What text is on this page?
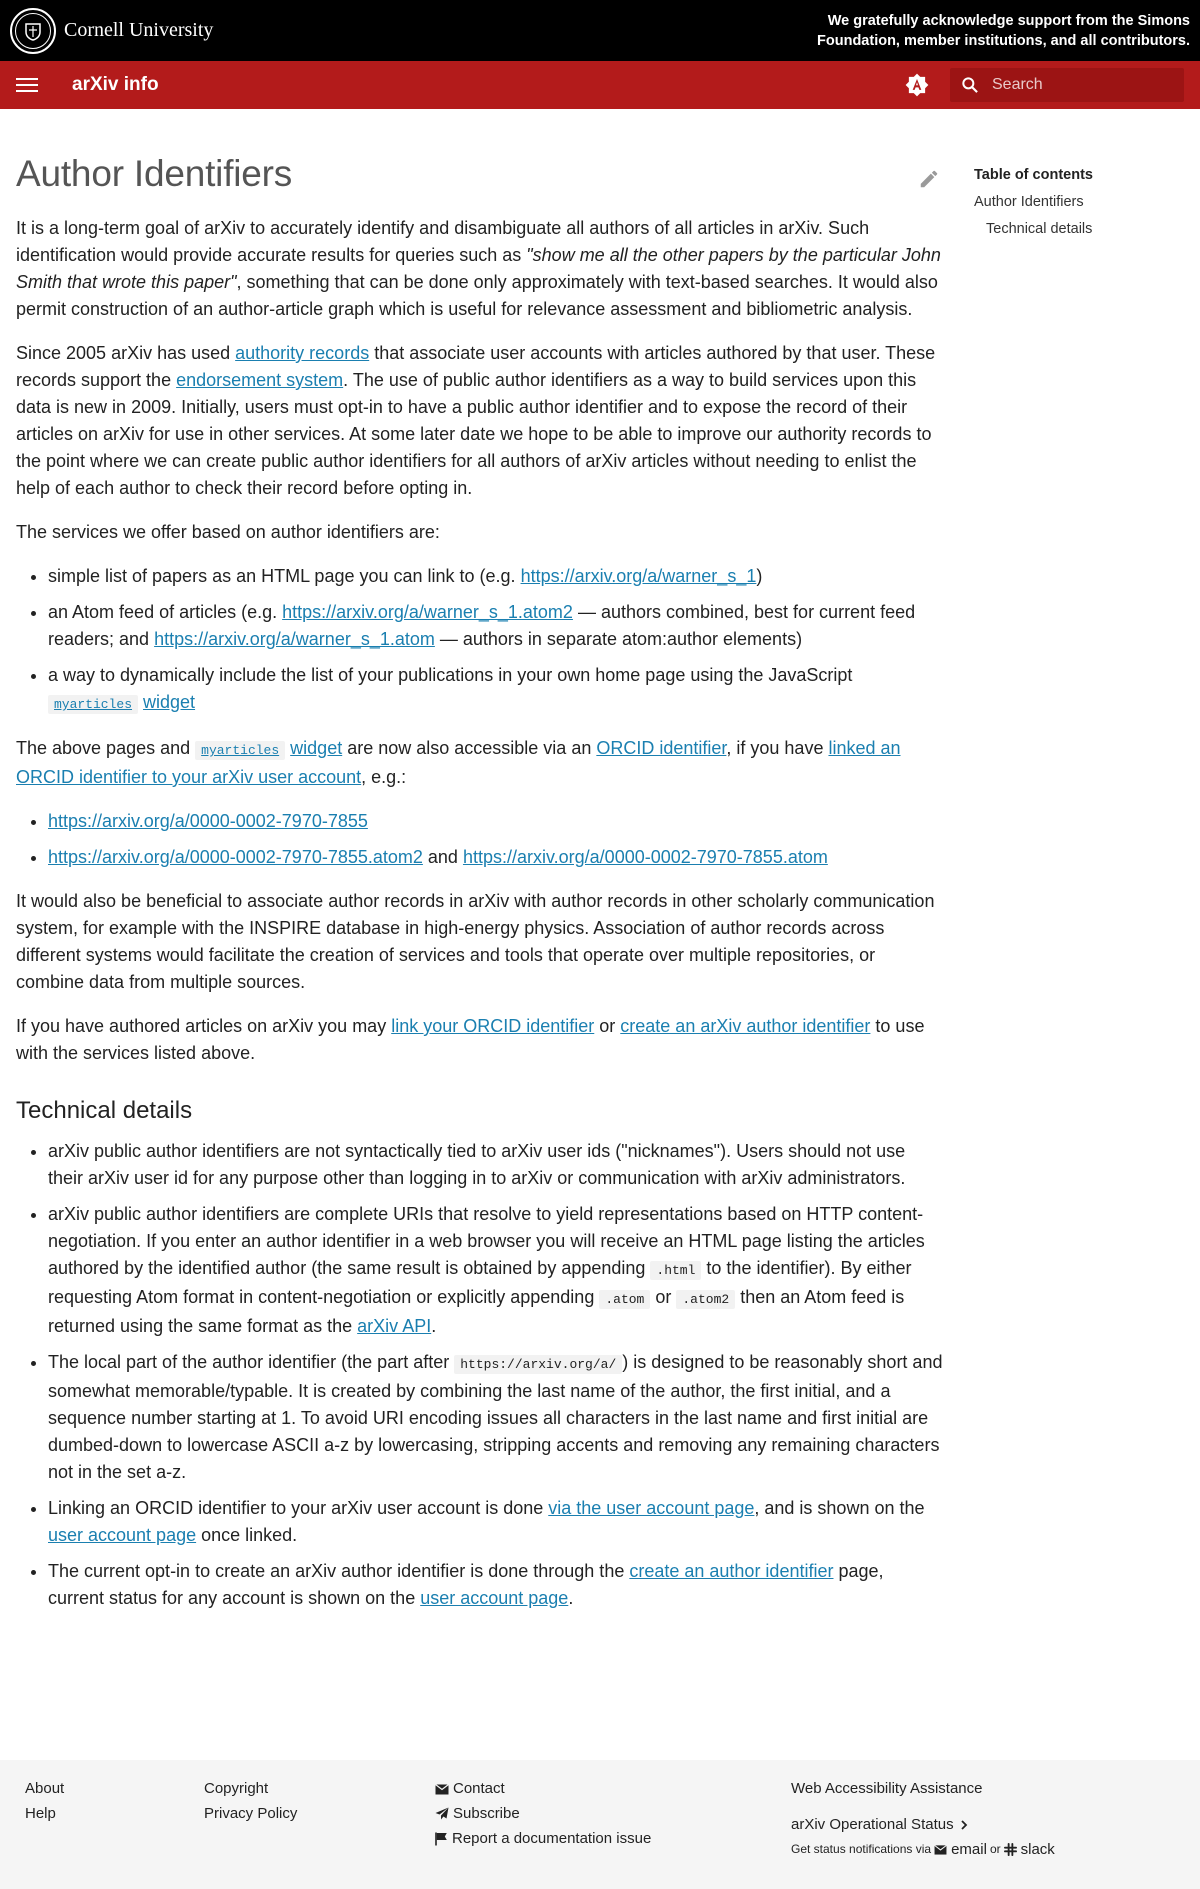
Cornell University	We gratefully acknowledge support from the Simons Foundation, member institutions, and all contributors.
arXiv info
Search
Author Identifiers

It is a long-term goal of arXiv to accurately identify and disambiguate all authors of all articles in arXiv. Such identification would provide accurate results for queries such as "show me all the other papers by the particular John Smith that wrote this paper", something that can be done only approximately with text-based searches. It would also permit construction of an author-article graph which is useful for relevance assessment and bibliometric analysis.

Since 2005 arXiv has used authority records that associate user accounts with articles authored by that user. These records support the endorsement system. The use of public author identifiers as a way to build services upon this data is new in 2009. Initially, users must opt-in to have a public author identifier and to expose the record of their articles on arXiv for use in other services. At some later date we hope to be able to improve our authority records to the point where we can create public author identifiers for all authors of arXiv articles without needing to enlist the help of each author to check their record before opting in.

The services we offer based on author identifiers are:

• simple list of papers as an HTML page you can link to (e.g. https://arxiv.org/a/warner_s_1)
• an Atom feed of articles (e.g. https://arxiv.org/a/warner_s_1.atom2 — authors combined, best for current feed readers; and https://arxiv.org/a/warner_s_1.atom — authors in separate atom:author elements)
• a way to dynamically include the list of your publications in your own home page using the JavaScript myarticles widget

The above pages and myarticles widget are now also accessible via an ORCID identifier, if you have linked an ORCID identifier to your arXiv user account, e.g.:

• https://arxiv.org/a/0000-0002-7970-7855
• https://arxiv.org/a/0000-0002-7970-7855.atom2 and https://arxiv.org/a/0000-0002-7970-7855.atom

It would also be beneficial to associate author records in arXiv with author records in other scholarly communication system, for example with the INSPIRE database in high-energy physics. Association of author records across different systems would facilitate the creation of services and tools that operate over multiple repositories, or combine data from multiple sources.

If you have authored articles on arXiv you may link your ORCID identifier or create an arXiv author identifier to use with the services listed above.

Technical details
• arXiv public author identifiers are not syntactically tied to arXiv user ids ("nicknames"). Users should not use their arXiv user id for any purpose other than logging in to arXiv or communication with arXiv administrators.
• arXiv public author identifiers are complete URIs that resolve to yield representations based on HTTP content-negotiation. If you enter an author identifier in a web browser you will receive an HTML page listing the articles authored by the identified author (the same result is obtained by appending .html to the identifier). By either requesting Atom format in content-negotiation or explicitly appending .atom or .atom2 then an Atom feed is returned using the same format as the arXiv API.
• The local part of the author identifier (the part after https://arxiv.org/a/ ) is designed to be reasonably short and somewhat memorable/typable. It is created by combining the last name of the author, the first initial, and a sequence number starting at 1. To avoid URI encoding issues all characters in the last name and first initial are dumbed-down to lowercase ASCII a-z by lowercasing, stripping accents and removing any remaining characters not in the set a-z.
• Linking an ORCID identifier to your arXiv user account is done via the user account page, and is shown on the user account page once linked.
• The current opt-in to create an arXiv author identifier is done through the create an author identifier page, current status for any account is shown on the user account page.
Table of contents
Author Identifiers
Technical details
About
Help
Copyright
Privacy Policy
Contact
Subscribe
Report a documentation issue
Web Accessibility Assistance
arXiv Operational Status
Get status notifications via email or slack
